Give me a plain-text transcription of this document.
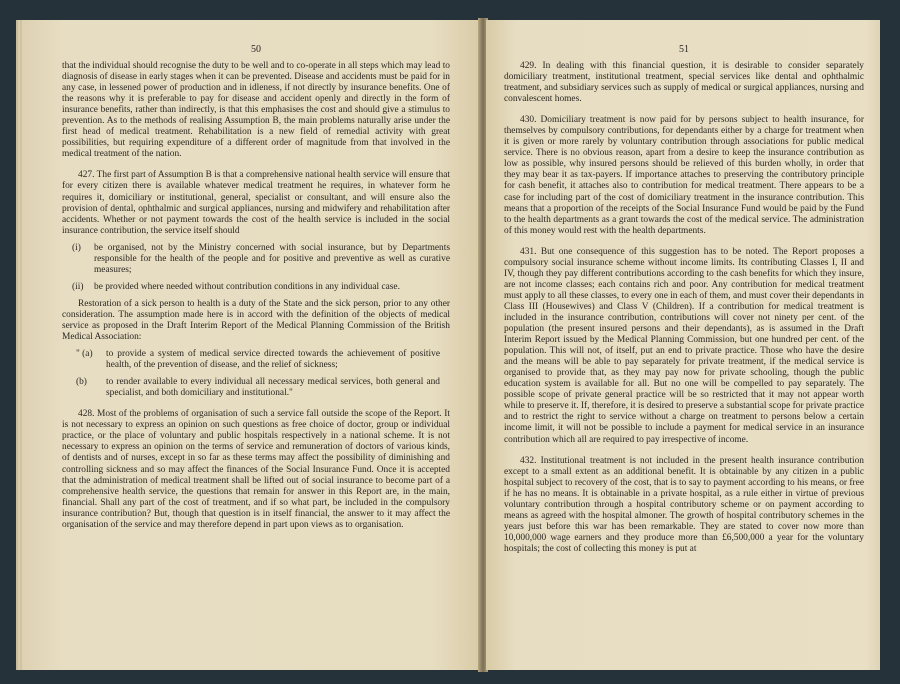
50

that the individual should recognise the duty to be well and to co-operate in all steps which may lead to diagnosis of disease in early stages when it can be prevented. Disease and accidents must be paid for in any case, in lessened power of production and in idleness, if not directly by insurance benefits. One of the reasons why it is preferable to pay for disease and accident openly and directly in the form of insurance benefits, rather than indirectly, is that this emphasises the cost and should give a stimulus to prevention. As to the methods of realising Assumption B, the main problems naturally arise under the first head of medical treatment. Rehabilitation is a new field of remedial activity with great possibilities, but requiring expenditure of a different order of magnitude from that involved in the medical treatment of the nation.

427. The first part of Assumption B is that a comprehensive national health service will ensure that for every citizen there is available whatever medical treatment he requires, in whatever form he requires it, domiciliary or institutional, general, specialist or consultant, and will ensure also the provision of dental, ophthalmic and surgical appliances, nursing and midwifery and rehabilitation after accidents. Whether or not payment towards the cost of the health service is included in the social insurance contribution, the service itself should

(i)	be organised, not by the Ministry concerned with social insurance, but by Departments responsible for the health of the people and for positive and preventive as well as curative measures;
(ii)	be provided where needed without contribution conditions in any individual case.

Restoration of a sick person to health is a duty of the State and the sick person, prior to any other consideration. The assumption made here is in accord with the definition of the objects of medical service as proposed in the Draft Interim Report of the Medical Planning Commission of the British Medical Association:

" (a)	to provide a system of medical service directed towards the achievement of positive health, of the prevention of disease, and the relief of sickness;
(b)	to render available to every individual all necessary medical services, both general and specialist, and both domiciliary and institutional."

428. Most of the problems of organisation of such a service fall outside the scope of the Report. It is not necessary to express an opinion on such questions as free choice of doctor, group or individual practice, or the place of voluntary and public hospitals respectively in a national scheme. It is not necessary to express an opinion on the terms of service and remuneration of doctors of various kinds, of dentists and of nurses, except in so far as these terms may affect the possibility of diminishing and controlling sickness and so may affect the finances of the Social Insurance Fund. Once it is accepted that the administration of medical treatment shall be lifted out of social insurance to become part of a comprehensive health service, the questions that remain for answer in this Report are, in the main, financial. Shall any part of the cost of treatment, and if so what part, be included in the compulsory insurance contribution? But, though that question is in itself financial, the answer to it may affect the organisation of the service and may therefore depend in part upon views as to organisation.

51

429. In dealing with this financial question, it is desirable to consider separately domiciliary treatment, institutional treatment, special services like dental and ophthalmic treatment, and subsidiary services such as supply of medical or surgical appliances, nursing and convalescent homes.

430. Domiciliary treatment is now paid for by persons subject to health insurance, for themselves by compulsory contributions, for dependants either by a charge for treatment when it is given or more rarely by voluntary contribution through associations for public medical service. There is no obvious reason, apart from a desire to keep the insurance contribution as low as possible, why insured persons should be relieved of this burden wholly, in order that they may bear it as tax-payers. If importance attaches to preserving the contributory principle for cash benefit, it attaches also to contribution for medical treatment. There appears to be a case for including part of the cost of domiciliary treatment in the insurance contribution. This means that a proportion of the receipts of the Social Insurance Fund would be paid by the Fund to the health departments as a grant towards the cost of the medical service. The administration of this money would rest with the health departments.

431. But one consequence of this suggestion has to be noted. The Report proposes a compulsory social insurance scheme without income limits. Its contributing Classes I, II and IV, though they pay different contributions according to the cash benefits for which they insure, are not income classes; each contains rich and poor. Any contribution for medical treatment must apply to all these classes, to every one in each of them, and must cover their dependants in Class III (Housewives) and Class V (Children). If a contribution for medical treatment is included in the insurance contribution, contributions will cover not ninety per cent. of the population (the present insured persons and their dependants), as is assumed in the Draft Interim Report issued by the Medical Planning Commission, but one hundred per cent. of the population. This will not, of itself, put an end to private practice. Those who have the desire and the means will be able to pay separately for private treatment, if the medical service is organised to provide that, as they may pay now for private schooling, though the public education system is available for all. But no one will be compelled to pay separately. The possible scope of private general practice will be so restricted that it may not appear worth while to preserve it. If, therefore, it is desired to preserve a substantial scope for private practice and to restrict the right to service without a charge on treatment to persons below a certain income limit, it will not be possible to include a payment for medical service in an insurance contribution which all are required to pay irrespective of income.

432. Institutional treatment is not included in the present health insurance contribution except to a small extent as an additional benefit. It is obtainable by any citizen in a public hospital subject to recovery of the cost, that is to say to payment according to his means, or free if he has no means. It is obtainable in a private hospital, as a rule either in virtue of previous voluntary contribution through a hospital contributory scheme or on payment according to means as agreed with the hospital almoner. The growth of hospital contributory schemes in the years just before this war has been remarkable. They are stated to cover now more than 10,000,000 wage earners and they produce more than £6,500,000 a year for the voluntary hospitals; the cost of collecting this money is put at
